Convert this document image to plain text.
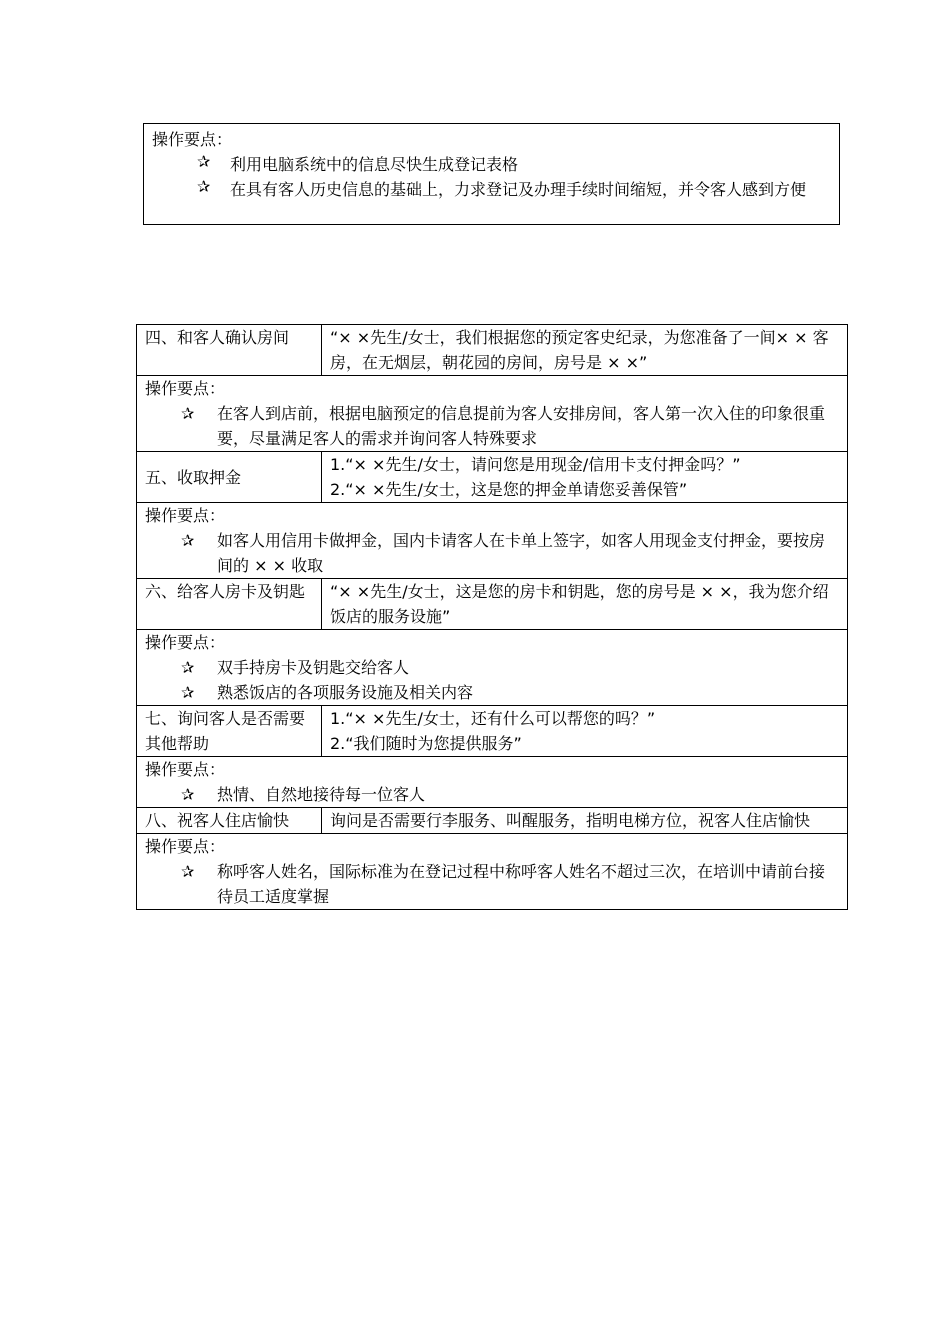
操作要点：
✰	利用电脑系统中的信息尽快生成登记表格
✰	在具有客人历史信息的基础上，力求登记及办理手续时间缩短，并令客人感到方便
四、和客人确认房间	“× ×先生/女士，我们根据您的预定客史纪录，为您准备了一间× × 客房，在无烟层，朝花园的房间，房号是 × ×”

操作要点：
✰ 在客人到店前，根据电脑预定的信息提前为客人安排房间，客人第一次入住的印象很重要，尽量满足客人的需求并询问客人特殊要求	

五、收取押金	1.“× ×先生/女士，请问您是用现金/信用卡支付押金吗？”
2.“× ×先生/女士，这是您的押金单请您妥善保管”

操作要点：
✰ 如客人用信用卡做押金，国内卡请客人在卡单上签字，如客人用现金支付押金，要按房间的 × × 收取	

六、给客人房卡及钥匙	“× ×先生/女士，这是您的房卡和钥匙，您的房号是 × ×，我为您介绍饭店的服务设施”

操作要点：
✰ 双手持房卡及钥匙交给客人
✰ 熟悉饭店的各项服务设施及相关内容	

七、询问客人是否需要其他帮助	1.“× ×先生/女士，还有什么可以帮您的吗？”
2.“我们随时为您提供服务”

操作要点：
✰ 热情、自然地接待每一位客人	

八、祝客人住店愉快	询问是否需要行李服务、叫醒服务，指明电梯方位，祝客人住店愉快

操作要点：
✰ 称呼客人姓名，国际标准为在登记过程中称呼客人姓名不超过三次，在培训中请前台接待员工适度掌握	
